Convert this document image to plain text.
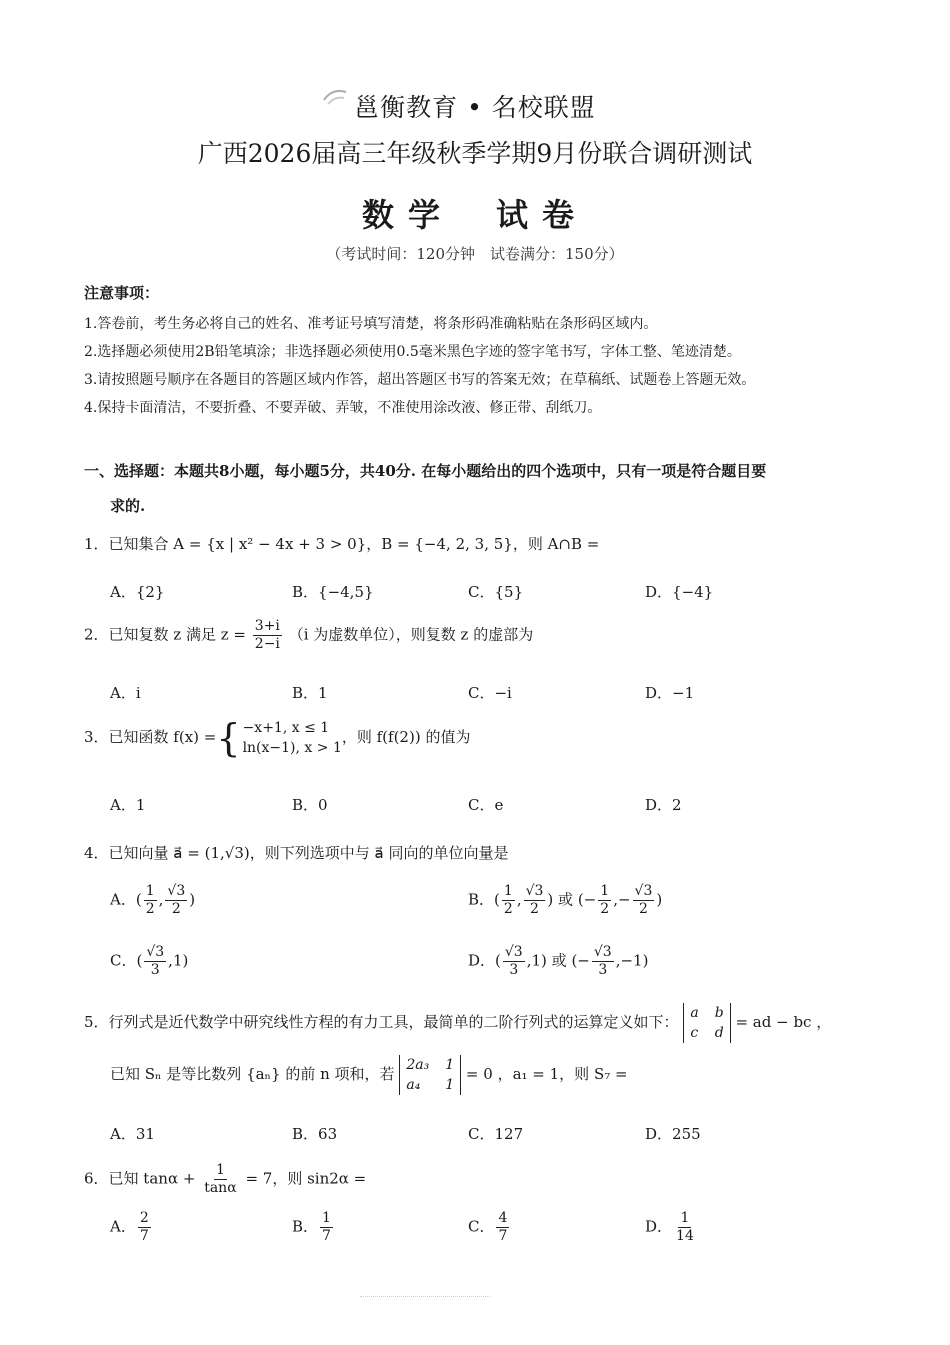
邕衡教育 • 名校联盟
广西2026届高三年级秋季学期9月份联合调研测试
数学 试卷
（考试时间：120分钟　试卷满分：150分）
注意事项：
1.答卷前，考生务必将自己的姓名、准考证号填写清楚，将条形码准确粘贴在条形码区域内。
2.选择题必须使用2B铅笔填涂；非选择题必须使用0.5毫米黑色字迹的签字笔书写，字体工整、笔迹清楚。
3.请按照题号顺序在各题目的答题区域内作答，超出答题区书写的答案无效；在草稿纸、试题卷上答题无效。
4.保持卡面清洁，不要折叠、不要弄破、弄皱，不准使用涂改液、修正带、刮纸刀。
一、选择题：本题共8小题，每小题5分，共40分. 在每小题给出的四个选项中，只有一项是符合题目要
求的.
1．已知集合 A = {x | x² − 4x + 3 > 0}，B = {−4, 2, 3, 5}，则 A∩B =
A．{2}	B．{−4,5}	C．{5}	D．{−4}
2．已知复数 z 满足 $z = \frac{3+i}{2-i} (i$ 为虚数单位），则复数 z 的虚部为
A．i	B．1	C．−i	D．−1
3．已知函数 f(x) ={ −x+1, x ≤ 1
ln(x−1), x > 1
，则 f(f(2)) 的值为
A．1	B．0	C．e	D．2
4．已知向量 a⃗ = (1,√3)，则下列选项中与 a⃗ 同向的单位向量是
A．( $\frac{1}{2}$ , $\frac{√3}{2}$ )	B．( $\frac{1}{2}$ , $\frac{√3}{2}$ ) 或 (− $\frac{1}{2}$ ,− $\frac{√3}{2}$ )
C．( $\frac{√3}{3} ,1$)	D．( $\frac{√3}{3} ,1$) 或 (− $\frac{√3}{3} ,-1$)
5．行列式是近代数学中研究线性方程的有力工具，最简单的二阶行列式的运算定义如下： a b
c d
= ad − bc ，
已知 Sₙ 是等比数列 {aₙ} 的前 n 项和，若 2a₃ 1
a₄ 1
= 0 ，a₁ = 1，则 S₇ =
A．31	B．63	C．127	D．255
6．已知 $\tan\alpha + \frac{1}{\tan\alpha} = 7$，则 sin2α =
A． $\frac{2}{7}$	B． $\frac{1}{7}$	C． $\frac{4}{7}$	D． $\frac{1}{14}$
